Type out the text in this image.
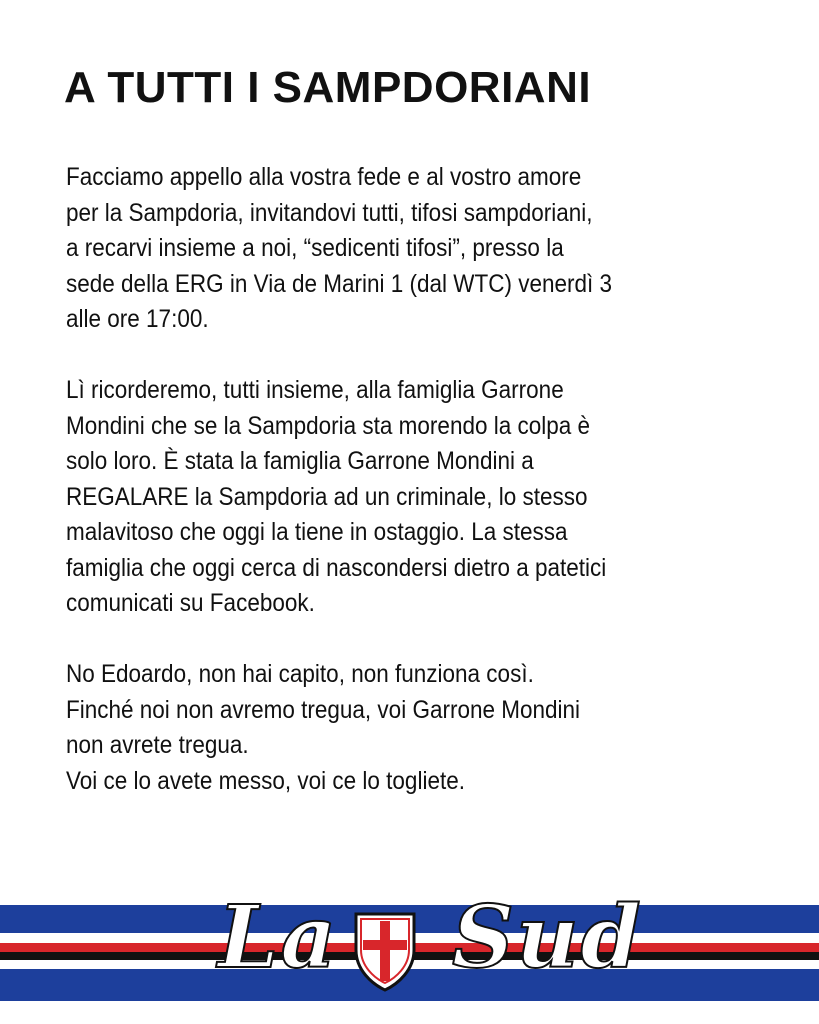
A TUTTI I SAMPDORIANI

Facciamo appello alla vostra fede e al vostro amore
per la Sampdoria, invitandovi tutti, tifosi sampdoriani,
a recarvi insieme a noi, “sedicenti tifosi”, presso la
sede della ERG in Via de Marini 1 (dal WTC) venerdì 3
alle ore 17:00.

Lì ricorderemo, tutti insieme, alla famiglia Garrone
Mondini che se la Sampdoria sta morendo la colpa è
solo loro. È stata la famiglia Garrone Mondini a
REGALARE la Sampdoria ad un criminale, lo stesso
malavitoso che oggi la tiene in ostaggio. La stessa
famiglia che oggi cerca di nascondersi dietro a patetici
comunicati su Facebook.

No Edoardo, non hai capito, non funziona così.
Finché noi non avremo tregua, voi Garrone Mondini
non avrete tregua.
Voi ce lo avete messo, voi ce lo togliete.

La Sud
